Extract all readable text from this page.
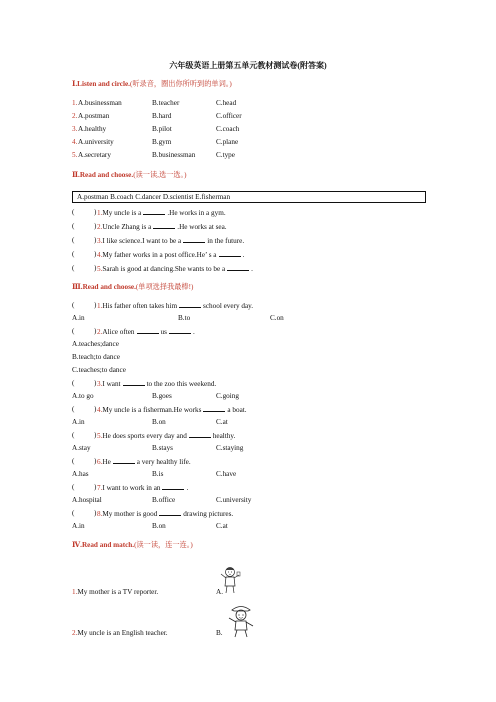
六年级英语上册第五单元教材测试卷(附答案)
Ⅰ.Listen and circle.(听录音，圈出你所听到的单词。)
1. A.businessman	B.teacher	C.head
2. A.postman	B.hard	C.officer
3. A.healthy	B.pilot	C.coach
4. A.university	B.gym	C.plane
5. A.secretary	B.businessman	C.type
Ⅱ.Read and choose.(读一读,选一选。)
A.postman B.coach C.dancer D.scientist E.fisherman
(	) 1.My uncle is a	.He works in a gym.
(	) 2.Uncle Zhang is a	.He works at sea.
(	) 3.I like science.I want to be a	in the future.
(	) 4.My father works in a post office.He’ s a	.
(	) 5.Sarah is good at dancing.She wants to be a	.
Ⅲ.Read and choose.(单项选择我最棒!)
(	) 1.His father often takes him	school every day.
A.in	B.to	C.on
(	) 2.Alice often	us	.
A.teaches;dance
B.teach;to dance
C.teaches;to dance
(	) 3.I want	to the zoo this weekend.
A.to go	B.goes	C.going
(	) 4.My uncle is a fisherman.He works	a boat.
A.in	B.on	C.at
(	) 5.He does sports every day and	healthy.
A.stay	B.stays	C.staying
(	) 6.He	a very healthy life.
A.has	B.is	C.have
(	) 7.I want to work in an	.
A.hospital	B.office	C.university
(	) 8.My mother is good	drawing pictures.
A.in	B.on	C.at
Ⅳ.Read and match.(读一读，连一连。)
1.My mother is a TV reporter.	A.
2.My uncle is an English teacher.	B.
